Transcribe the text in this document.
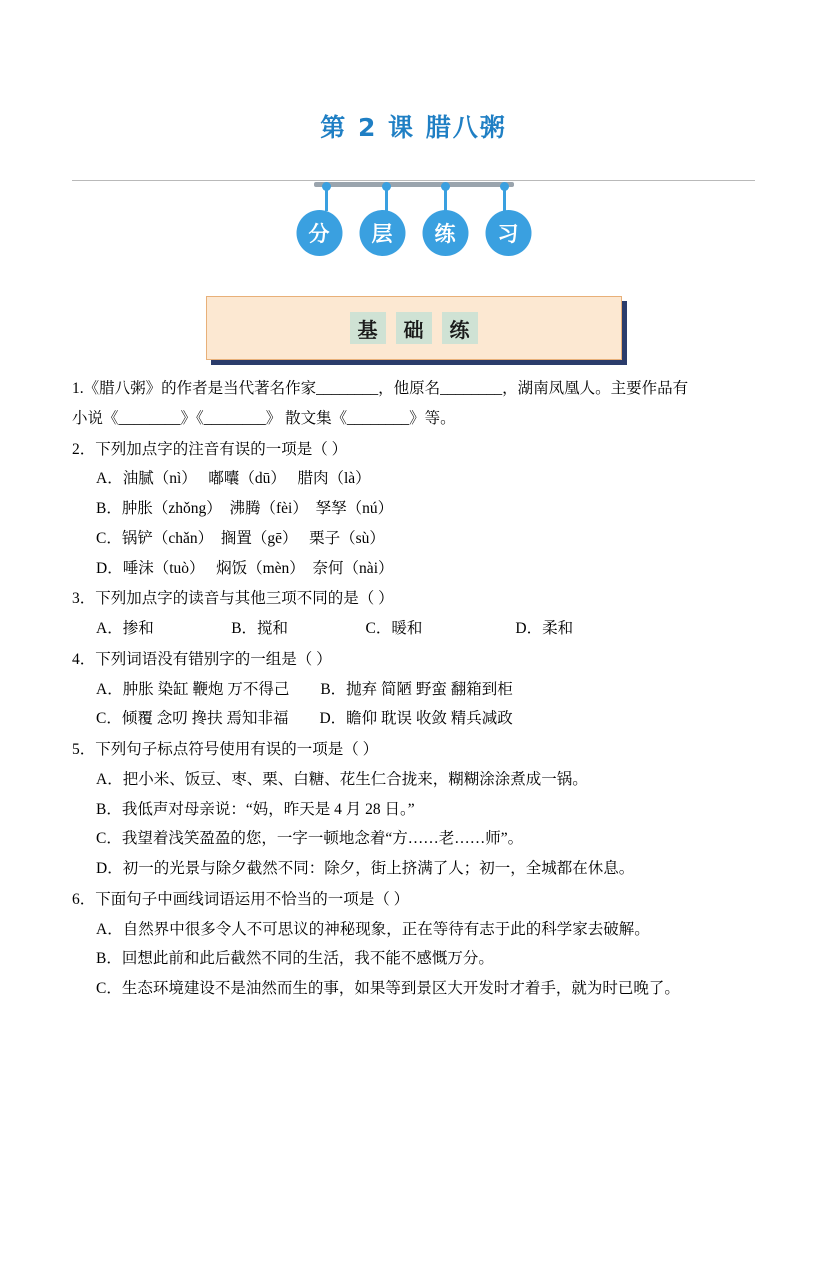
第 2 课 腊八粥
分	层	练	习
基	础	练
1.《腊八粥》的作者是当代著名作家________，他原名________，湖南凤凰人。主要作品有
小说《________》《________》 散文集《________》等。
2．下列加点字的注音有误的一项是（ ）
A．油腻（nì）　 嘟囔（dū）　 腊肉（là）
B．肿胀（zhǒng）　沸腾（fèi）　孥孥（nú）
C．锅铲（chǎn）　搁置（gē）　 栗子（sù）
D．唾沫（tuò）　 焖饭（mèn）　奈何（nài）
3．下列加点字的读音与其他三项不同的是（ ）
A．掺和　　　　　B．搅和　　　　　C．暖和　　　　　　D．柔和
4．下列词语没有错别字的一组是（ ）
A．肿胀 染缸 鞭炮 万不得己　　B．抛弃 简陋 野蛮 翻箱到柜
C．倾覆 念叨 搀扶 焉知非福　　D．瞻仰 耽误 收敛 精兵减政
5．下列句子标点符号使用有误的一项是（ ）
A．把小米、饭豆、枣、栗、白糖、花生仁合拢来，糊糊涂涂煮成一锅。
B．我低声对母亲说：“妈，昨天是 4 月 28 日。”
C．我望着浅笑盈盈的您，一字一顿地念着“方……老……师”。
D．初一的光景与除夕截然不同：除夕，街上挤满了人；初一，全城都在休息。
6．下面句子中画线词语运用不恰当的一项是（ ）
A．自然界中很多令人不可思议的神秘现象，正在等待有志于此的科学家去破解。
B．回想此前和此后截然不同的生活，我不能不感慨万分。
C．生态环境建设不是油然而生的事，如果等到景区大开发时才着手，就为时已晚了。
